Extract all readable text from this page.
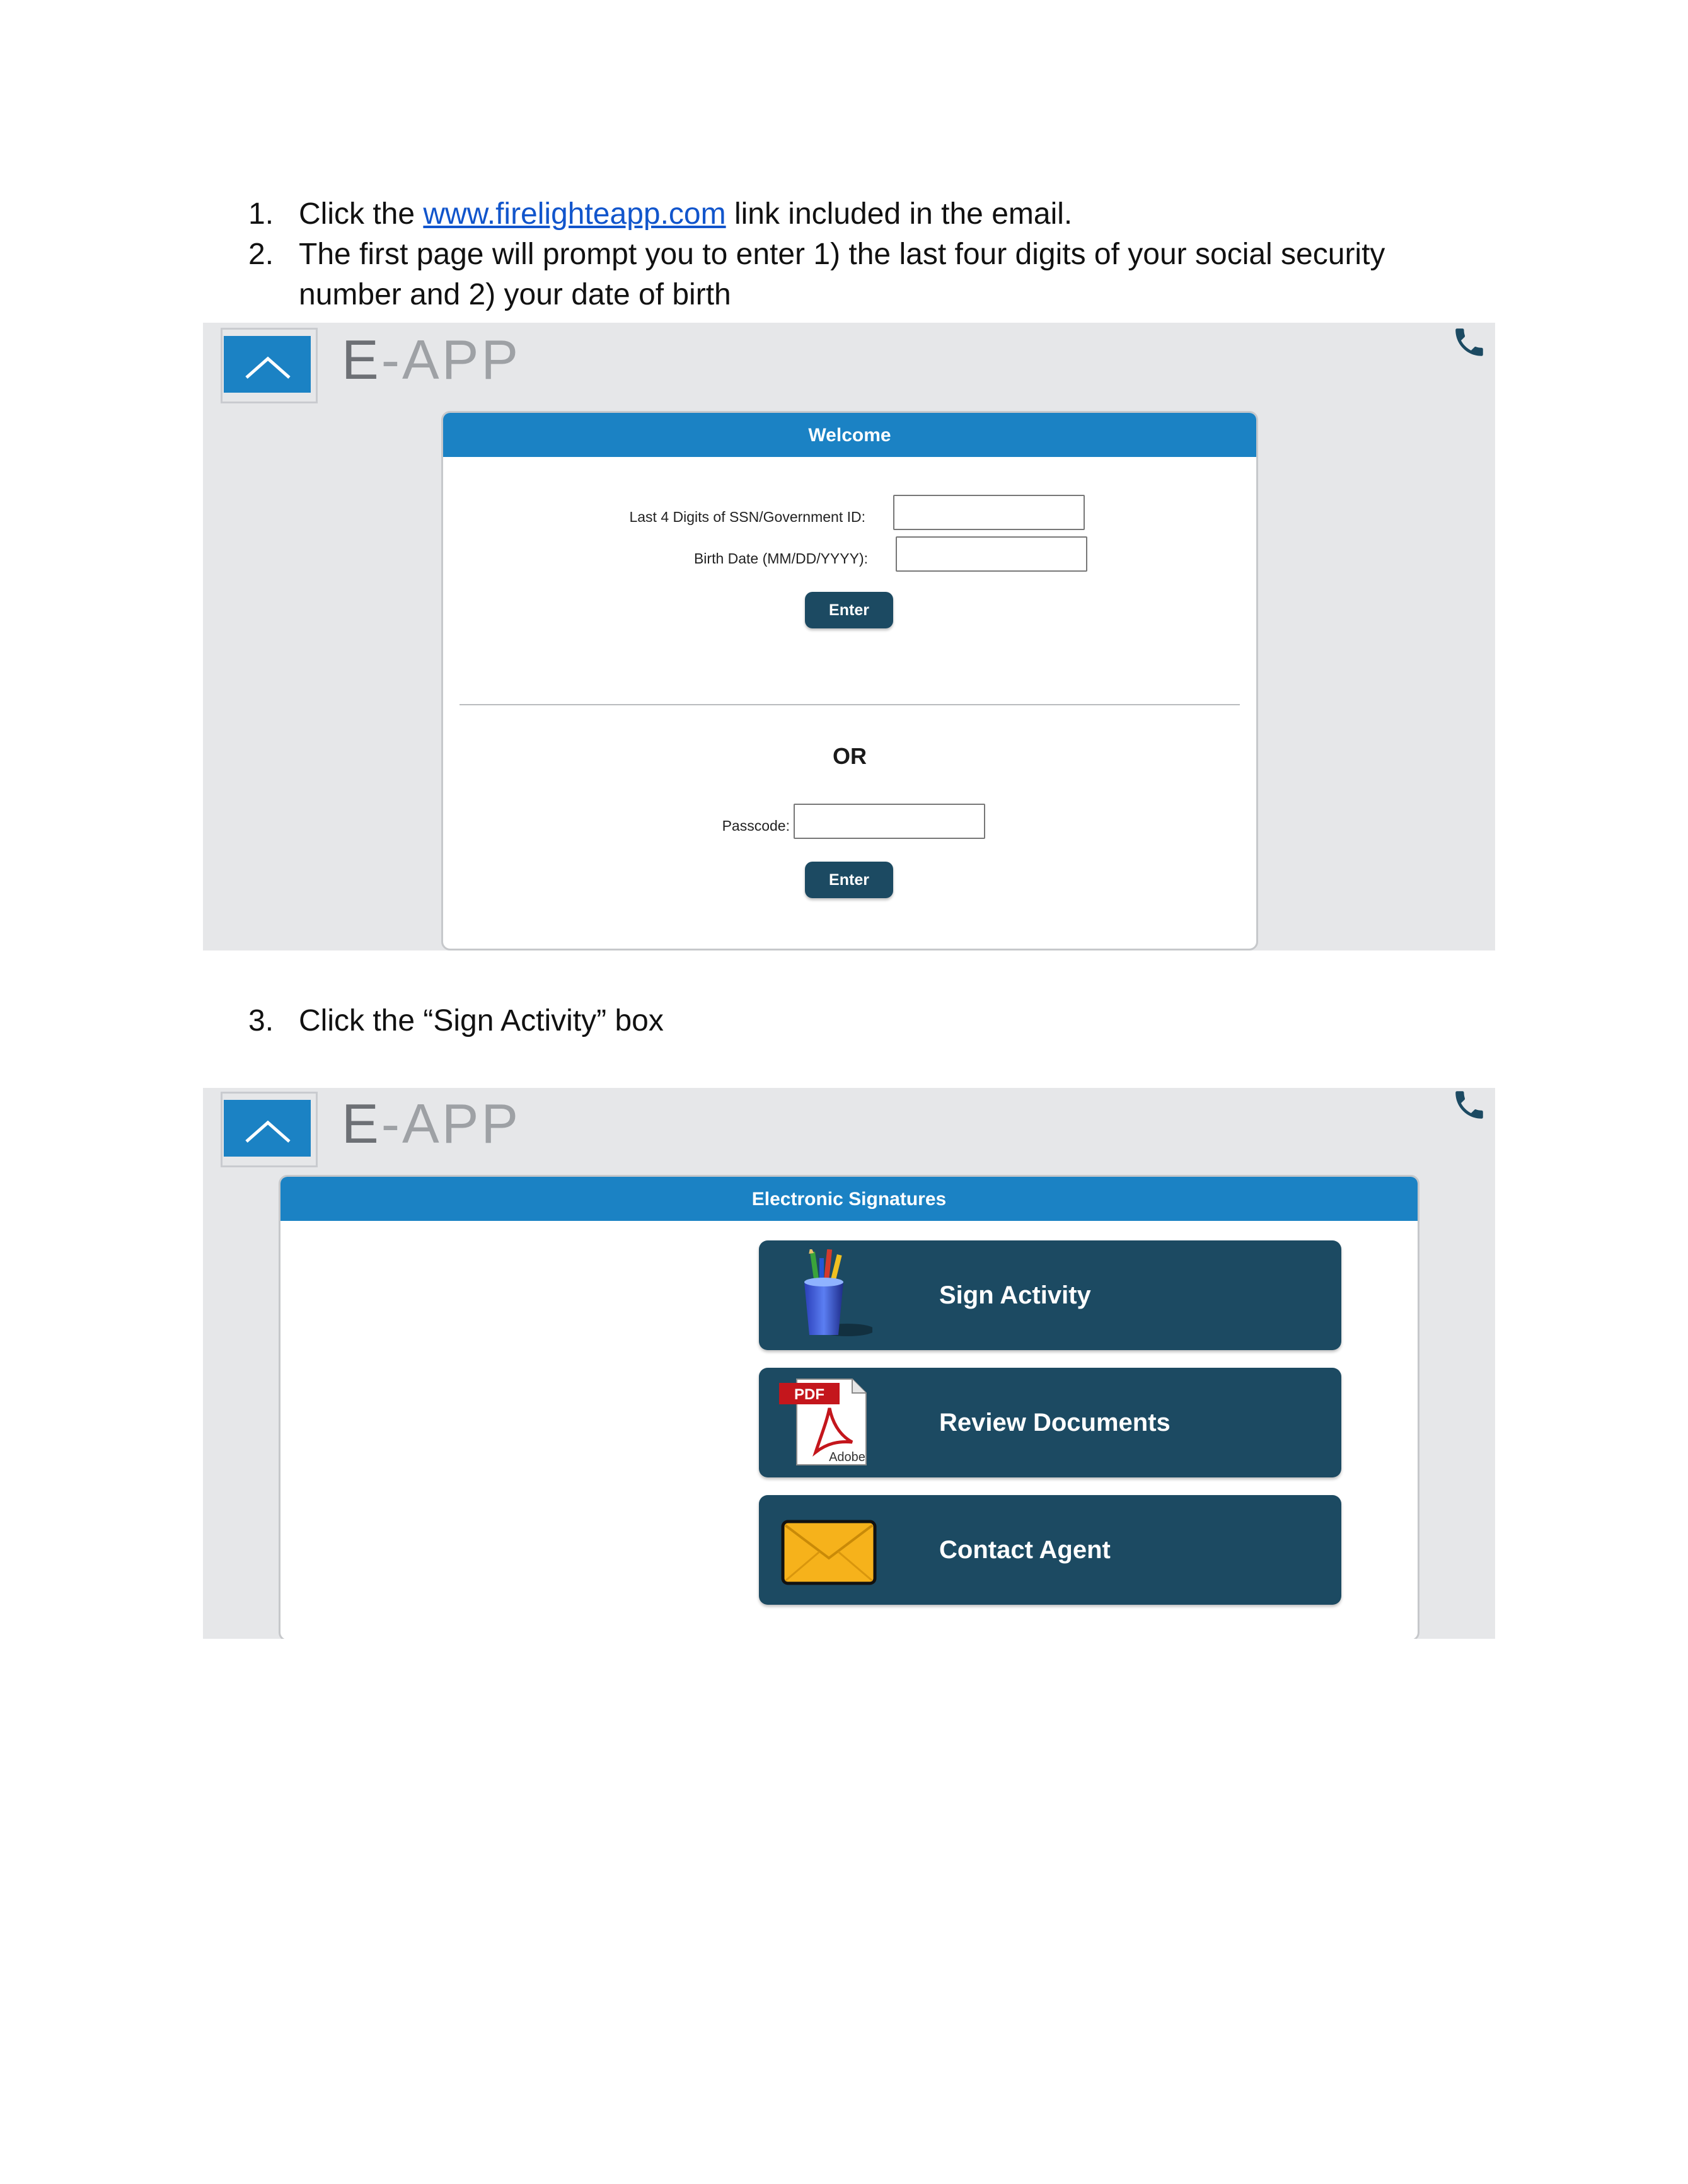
1. Click the www.firelighteapp.com link included in the email.
2. The first page will prompt you to enter 1) the last four digits of your social security
number and 2) your date of birth
E-APP
Welcome
Last 4 Digits of SSN/Government ID:
Birth Date (MM/DD/YYYY):
Enter
OR
Passcode:
Enter
3. Click the “Sign Activity” box
E-APP
Electronic Signatures
Sign Activity
PDF
Adobe
Review Documents
Contact Agent
